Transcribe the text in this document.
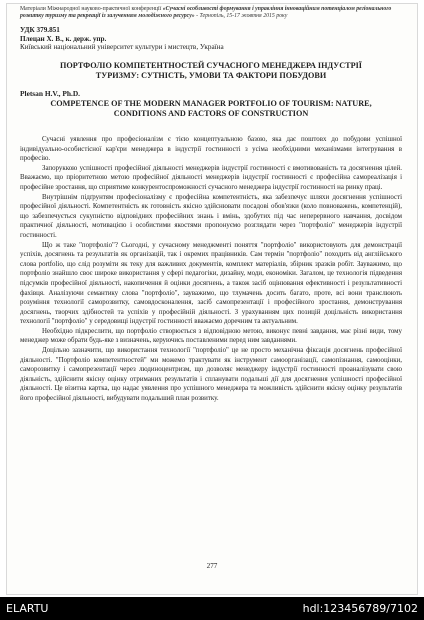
Матеріали Міжнародної науково-практичної конференції «Сучасні особливості формування і управління інноваційним потенціалом регіонального розвитку туризму та рекреації із залученням молодіжного ресурсу» - Тернопіль, 15-17 жовтня 2015 року
УДК 379.851
Плецан Х. В., к. держ. упр.
Київський національний університет культури і мистецтв, Україна
ПОРТФОЛІО КОМПЕТЕНТНОСТЕЙ СУЧАСНОГО МЕНЕДЖЕРА ІНДУСТРІЇ ТУРИЗМУ: СУТНІСТЬ, УМОВИ ТА ФАКТОРИ ПОБУДОВИ
Pletsan H.V., Ph.D.
COMPETENCE OF THE MODERN MANAGER PORTFOLIO OF TOURISM: NATURE, CONDITIONS AND FACTORS OF CONSTRUCTION

Сучасні уявлення про професіоналізм є тією концептуальною базою, яка дає поштовх до побудови успішної індивідуально-особистісної кар'єри менеджера в індустрії гостинності з усіма необхідними механізмами інтегрування в професію.

Запоруккою успішності професійної діяльності менеджерів індустрії гостинності є вмотивованість та досягнення цілей. Вважаємо, що пріоритетною метою професійної діяльності менеджерів індустрії гостинності є професійна самореалізація і професійне зростання, що сприятиме конкурентоспроможності сучасного менеджера індустрії гостинності на ринку праці.

Внутрішнім підґрунтям професіоналізму є професійна компетентність, яка забезпечує шляхи досягнення успішності професійної діяльності. Компетентність як готовність якісно здійснювати посадові обов'язки (коло повноважень, компетенцій), що забезпечується сукупністю відповідних професійних знань і вмінь, здобутих під час неперервного навчання, досвідом практичної діяльності, мотивацією і особистими якостями пропонуємо розглядати через "портфоліо" менеджерів індустрії гостинності.

Що ж таке "портфоліо"? Сьогодні, у сучасному менеджменті поняття "портфоліо" використовують для демонстрації успіхів, досягнень та результатів як організацій, так і окремих працівників. Сам термін "портфоліо" походить від англійського слова portfolio, що слід розуміти як теку для важливих документів, комплект матеріалів, збірник зразків робіт. Зауважимо, що портфоліо знайшло своє широке використання у сфері педагогіки, дизайну, моди, економіки. Загалом, це технологія підведення підсумків професійної діяльності, накопичення й оцінки досягнень, а також засіб оцінювання ефективності і результативності фахівця. Аналізуючи семантику слова "портфоліо", зауважимо, що тлумачень досить багато, проте, всі вони транслюють розуміння технології саморозвитку, самовдосконалення, засіб самопрезентації і професійного зростання, демонстрування досягнень, творчих здібностей та успіхів у професійній діяльності. З урахуванням цих позицій доцільність використання технології "портфоліо" у середовищі індустрії гостинності вважаємо доречним та актуальним.

Необхідно підкреслити, що портфоліо створюється з відповідною метою, виконує певні завдання, має різні види, тому менеджер може обрати будь-яке з визначень, керуючись поставленими перед ним завданнями.

Доцільно зазначити, що використання технології "портфоліо" це не просто механічна фіксація досягнень професійної діяльності. "Портфоліо компетентностей" ми можемо трактувати як інструмент самоорганізації, самопізнання, самооцінки, саморозвитку і самопрезентації через людиноцентризм, що дозволяє менеджеру індустрії гостинності проаналізувати свою діяльність, здійснити якісну оцінку отриманих результатів і спланувати подальші дії для досягнення успішності професійної діяльності. Це візитна картка, що надає уявлення про успішного менеджера та можливість здійснити якісну оцінку результатів його професійної діяльності, вибудувати подальший план розвитку.

277
ELARTU	hdl:123456789/7102
